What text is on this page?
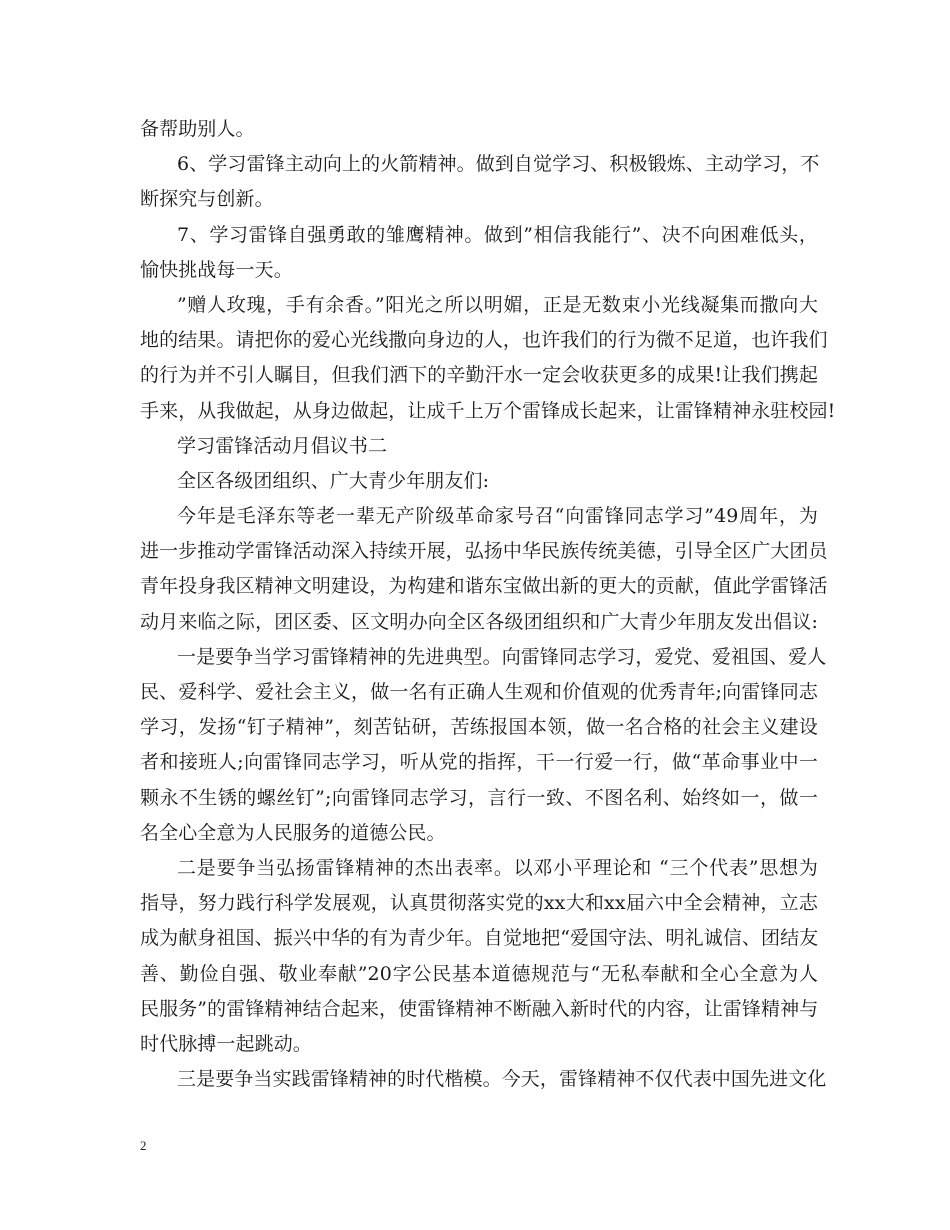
备帮助别人。
6、学习雷锋主动向上的火箭精神。做到自觉学习、积极锻炼、主动学习，不
断探究与创新。
7、学习雷锋自强勇敢的雏鹰精神。做到”相信我能行”、决不向困难低头，
愉快挑战每一天。
”赠人玫瑰，手有余香。”阳光之所以明媚，正是无数束小光线凝集而撒向大
地的结果。请把你的爱心光线撒向身边的人，也许我们的行为微不足道，也许我们
的行为并不引人瞩目，但我们洒下的辛勤汗水一定会收获更多的成果!让我们携起
手来，从我做起，从身边做起，让成千上万个雷锋成长起来，让雷锋精神永驻校园!
学习雷锋活动月倡议书二
全区各级团组织、广大青少年朋友们:
今年是毛泽东等老一辈无产阶级革命家号召“向雷锋同志学习”49周年，为
进一步推动学雷锋活动深入持续开展，弘扬中华民族传统美德，引导全区广大团员
青年投身我区精神文明建设，为构建和谐东宝做出新的更大的贡献，值此学雷锋活
动月来临之际，团区委、区文明办向全区各级团组织和广大青少年朋友发出倡议:
一是要争当学习雷锋精神的先进典型。向雷锋同志学习，爱党、爱祖国、爱人
民、爱科学、爱社会主义，做一名有正确人生观和价值观的优秀青年;向雷锋同志
学习，发扬“钉子精神”，刻苦钻研，苦练报国本领，做一名合格的社会主义建设
者和接班人;向雷锋同志学习，听从党的指挥，干一行爱一行，做“革命事业中一
颗永不生锈的螺丝钉”;向雷锋同志学习，言行一致、不图名利、始终如一，做一
名全心全意为人民服务的道德公民。
二是要争当弘扬雷锋精神的杰出表率。以邓小平理论和 “三个代表”思想为
指导，努力践行科学发展观，认真贯彻落实党的xx大和xx届六中全会精神，立志
成为献身祖国、振兴中华的有为青少年。自觉地把“爱国守法、明礼诚信、团结友
善、勤俭自强、敬业奉献”20字公民基本道德规范与“无私奉献和全心全意为人
民服务”的雷锋精神结合起来，使雷锋精神不断融入新时代的内容，让雷锋精神与
时代脉搏一起跳动。
三是要争当实践雷锋精神的时代楷模。今天，雷锋精神不仅代表中国先进文化
2
